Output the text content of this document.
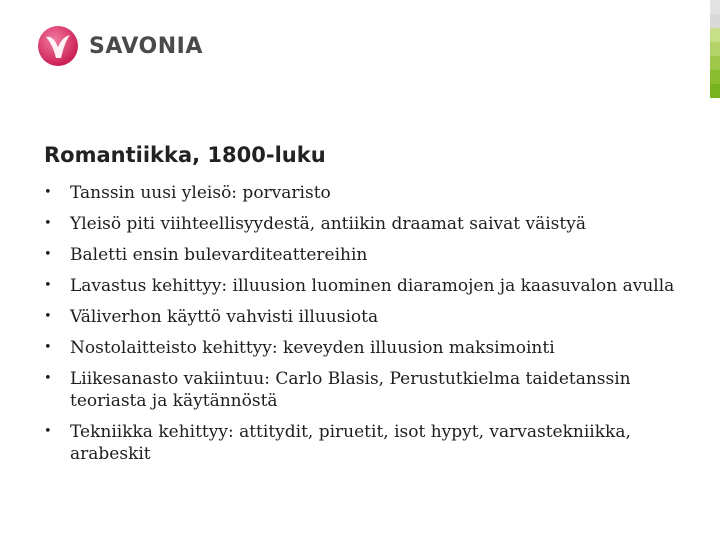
SAVONIA
Romantiikka, 1800-luku
• Tanssin uusi yleisö: porvaristo
• Yleisö piti viihteellisyydestä, antiikin draamat saivat väistyä
• Baletti ensin bulevarditeattereihin
• Lavastus kehittyy: illuusion luominen diaramojen ja kaasuvalon avulla
• Väliverhon käyttö vahvisti illuusiota
• Nostolaitteisto kehittyy: keveyden illuusion maksimointi
• Liikesanasto vakiintuu: Carlo Blasis, Perustutkielma taidetanssin teoriasta ja käytännöstä
• Tekniikka kehittyy: attitydit, piruetit, isot hypyt, varvastekniikka, arabeskit
